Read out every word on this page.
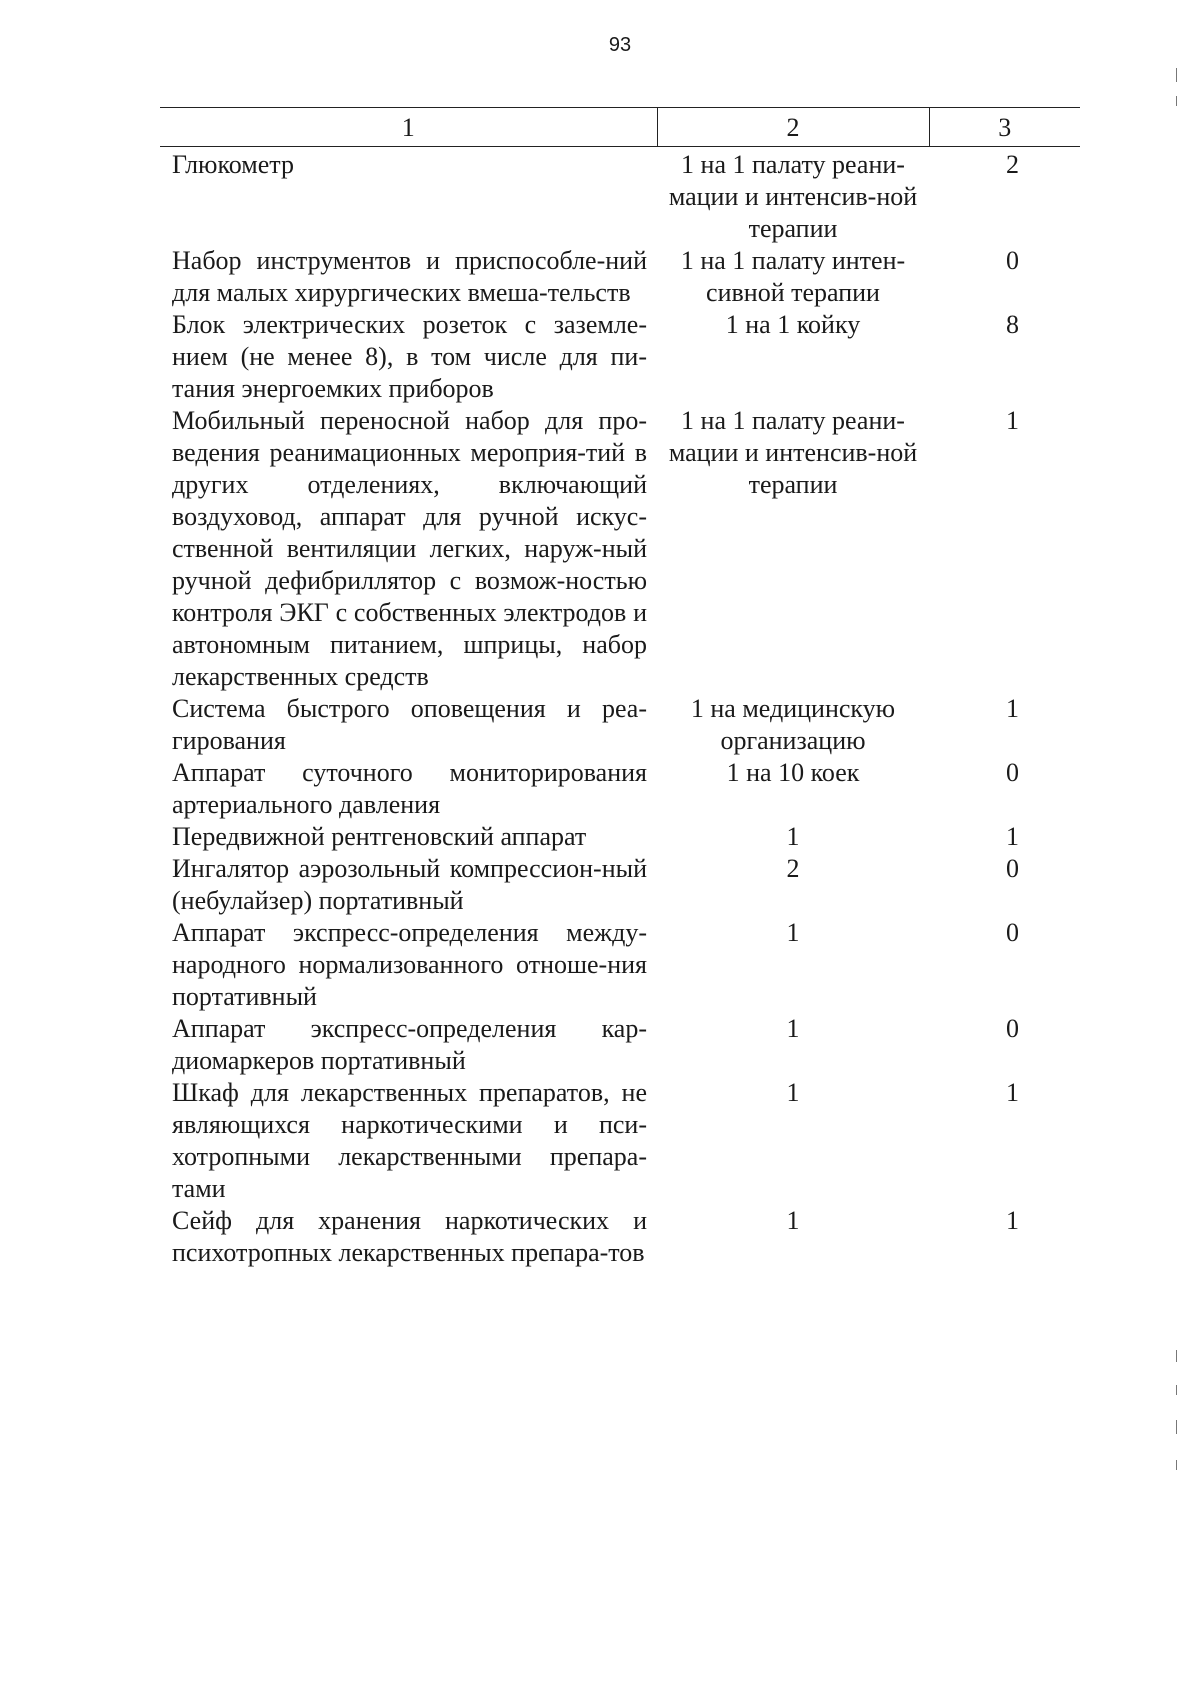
93
1	2	3
Глюкометр	1 на 1 палату реани-мации и интенсив-ной терапии	2
Набор инструментов и приспособле-ний для малых хирургических вмеша-тельств	1 на 1 палату интен-сивной терапии	0
Блок электрических розеток с заземле-нием (не менее 8), в том числе для пи-тания энергоемких приборов	1 на 1 койку	8
Мобильный переносной набор для про-ведения реанимационных мероприя-тий в других отделениях, включающий воздуховод, аппарат для ручной искус-ственной вентиляции легких, наруж-ный ручной дефибриллятор с возмож-ностью контроля ЭКГ с собственных электродов и автономным питанием, шприцы, набор лекарственных средств	1 на 1 палату реани-мации и интенсив-ной терапии	1
Система быстрого оповещения и реа-гирования	1 на медицинскую организацию	1
Аппарат суточного мониторирования артериального давления	1 на 10 коек	0
Передвижной рентгеновский аппарат	1	1
Ингалятор аэрозольный компрессион-ный (небулайзер) портативный	2	0
Аппарат экспресс-определения между-народного нормализованного отноше-ния портативный	1	0
Аппарат экспресс-определения кар-диомаркеров портативный	1	0
Шкаф для лекарственных препаратов, не являющихся наркотическими и пси-хотропными лекарственными препара-тами	1	1
Сейф для хранения наркотических и психотропных лекарственных препара-тов	1	1
